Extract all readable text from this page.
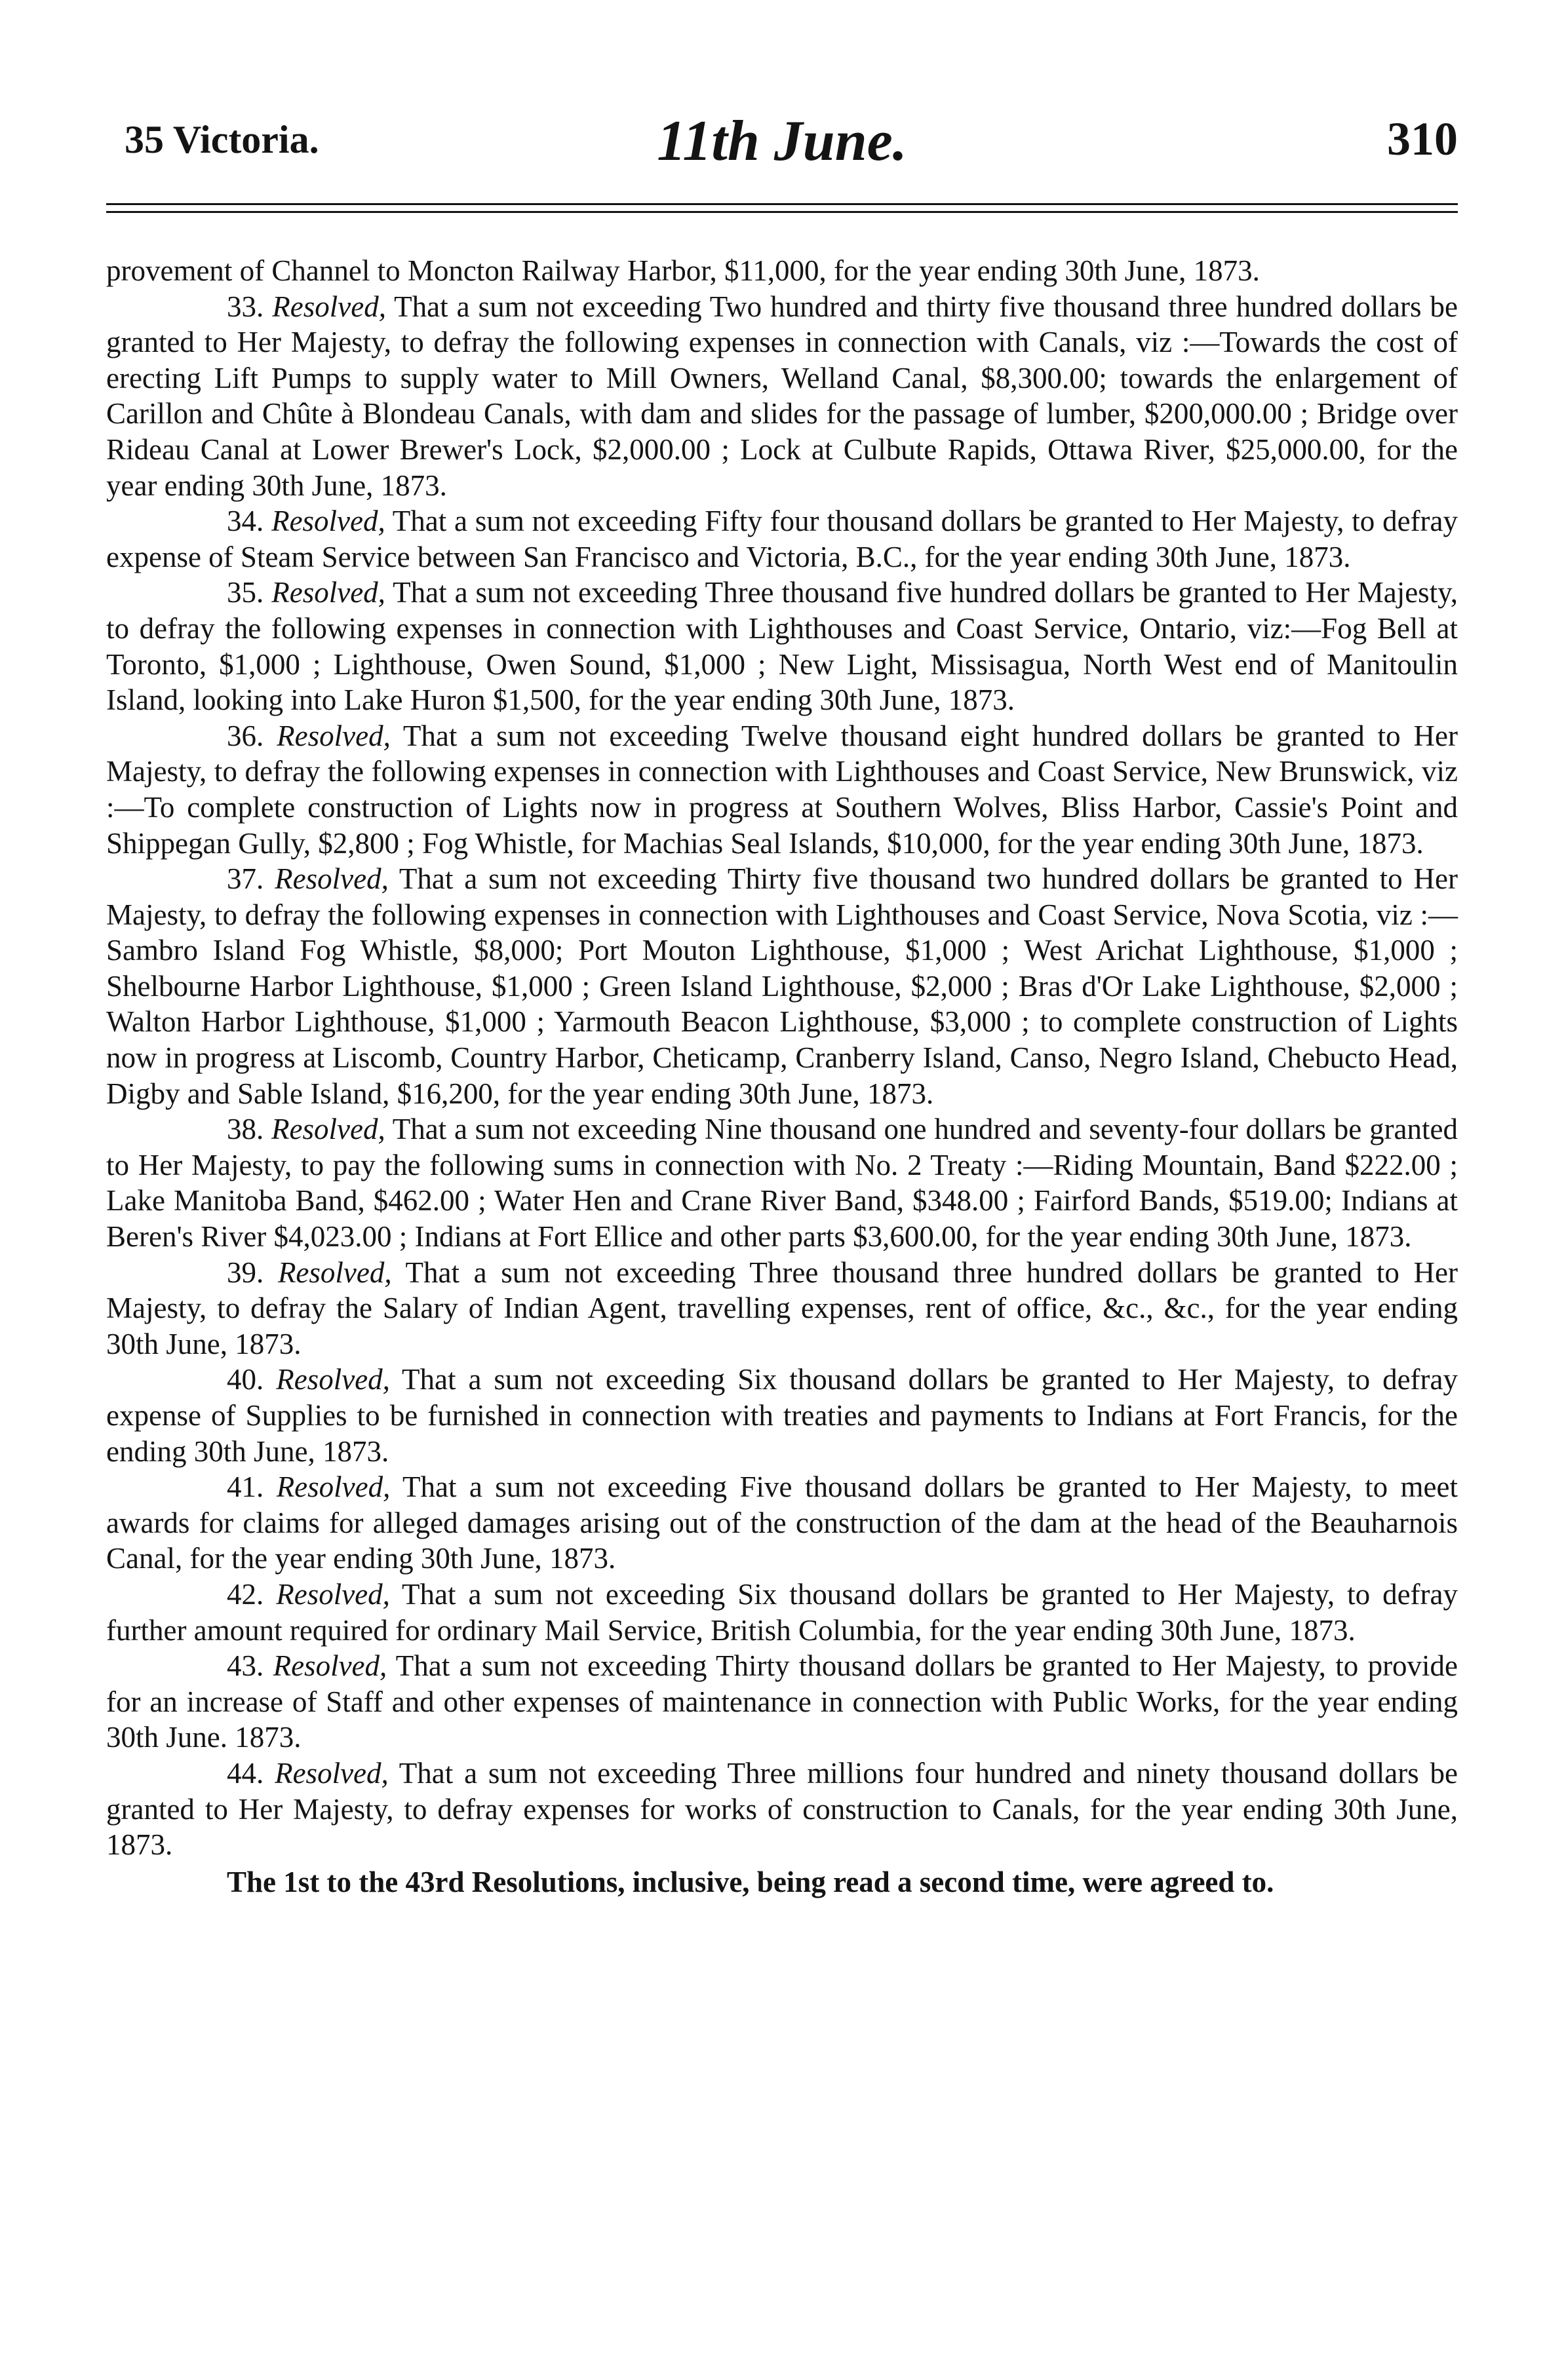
35 Victoria.	11th June.	310

provement of Channel to Moncton Railway Harbor, $11,000, for the year ending 30th June, 1873.

33. Resolved, That a sum not exceeding Two hundred and thirty five thousand three hundred dollars be granted to Her Majesty, to defray the following expenses in connection with Canals, viz :—Towards the cost of erecting Lift Pumps to supply water to Mill Owners, Welland Canal, $8,300.00; towards the enlargement of Carillon and Chûte à Blondeau Canals, with dam and slides for the passage of lumber, $200,000.00 ; Bridge over Rideau Canal at Lower Brewer's Lock, $2,000.00 ; Lock at Culbute Rapids, Ottawa River, $25,000.00, for the year ending 30th June, 1873.

34. Resolved, That a sum not exceeding Fifty four thousand dollars be granted to Her Majesty, to defray expense of Steam Service between San Francisco and Victoria, B.C., for the year ending 30th June, 1873.

35. Resolved, That a sum not exceeding Three thousand five hundred dollars be granted to Her Majesty, to defray the following expenses in connection with Lighthouses and Coast Service, Ontario, viz:—Fog Bell at Toronto, $1,000 ; Lighthouse, Owen Sound, $1,000 ; New Light, Missisagua, North West end of Manitoulin Island, looking into Lake Huron $1,500, for the year ending 30th June, 1873.

36. Resolved, That a sum not exceeding Twelve thousand eight hundred dollars be granted to Her Majesty, to defray the following expenses in connection with Lighthouses and Coast Service, New Brunswick, viz :—To complete construction of Lights now in progress at Southern Wolves, Bliss Harbor, Cassie's Point and Shippegan Gully, $2,800 ; Fog Whistle, for Machias Seal Islands, $10,000, for the year ending 30th June, 1873.

37. Resolved, That a sum not exceeding Thirty five thousand two hundred dollars be granted to Her Majesty, to defray the following expenses in connection with Lighthouses and Coast Service, Nova Scotia, viz :—Sambro Island Fog Whistle, $8,000; Port Mouton Lighthouse, $1,000 ; West Arichat Lighthouse, $1,000 ; Shelbourne Harbor Lighthouse, $1,000 ; Green Island Lighthouse, $2,000 ; Bras d'Or Lake Lighthouse, $2,000 ; Walton Harbor Lighthouse, $1,000 ; Yarmouth Beacon Lighthouse, $3,000 ; to complete construction of Lights now in progress at Liscomb, Country Harbor, Cheticamp, Cranberry Island, Canso, Negro Island, Chebucto Head, Digby and Sable Island, $16,200, for the year ending 30th June, 1873.

38. Resolved, That a sum not exceeding Nine thousand one hundred and seventy-four dollars be granted to Her Majesty, to pay the following sums in connection with No. 2 Treaty :—Riding Mountain, Band $222.00 ; Lake Manitoba Band, $462.00 ; Water Hen and Crane River Band, $348.00 ; Fairford Bands, $519.00; Indians at Beren's River $4,023.00 ; Indians at Fort Ellice and other parts $3,600.00, for the year ending 30th June, 1873.

39. Resolved, That a sum not exceeding Three thousand three hundred dollars be granted to Her Majesty, to defray the Salary of Indian Agent, travelling expenses, rent of office, &c., &c., for the year ending 30th June, 1873.

40. Resolved, That a sum not exceeding Six thousand dollars be granted to Her Majesty, to defray expense of Supplies to be furnished in connection with treaties and payments to Indians at Fort Francis, for the ending 30th June, 1873.

41. Resolved, That a sum not exceeding Five thousand dollars be granted to Her Majesty, to meet awards for claims for alleged damages arising out of the construction of the dam at the head of the Beauharnois Canal, for the year ending 30th June, 1873.

42. Resolved, That a sum not exceeding Six thousand dollars be granted to Her Majesty, to defray further amount required for ordinary Mail Service, British Columbia, for the year ending 30th June, 1873.

43. Resolved, That a sum not exceeding Thirty thousand dollars be granted to Her Majesty, to provide for an increase of Staff and other expenses of maintenance in connection with Public Works, for the year ending 30th June. 1873.

44. Resolved, That a sum not exceeding Three millions four hundred and ninety thousand dollars be granted to Her Majesty, to defray expenses for works of construction to Canals, for the year ending 30th June, 1873.

The 1st to the 43rd Resolutions, inclusive, being read a second time, were agreed to.
